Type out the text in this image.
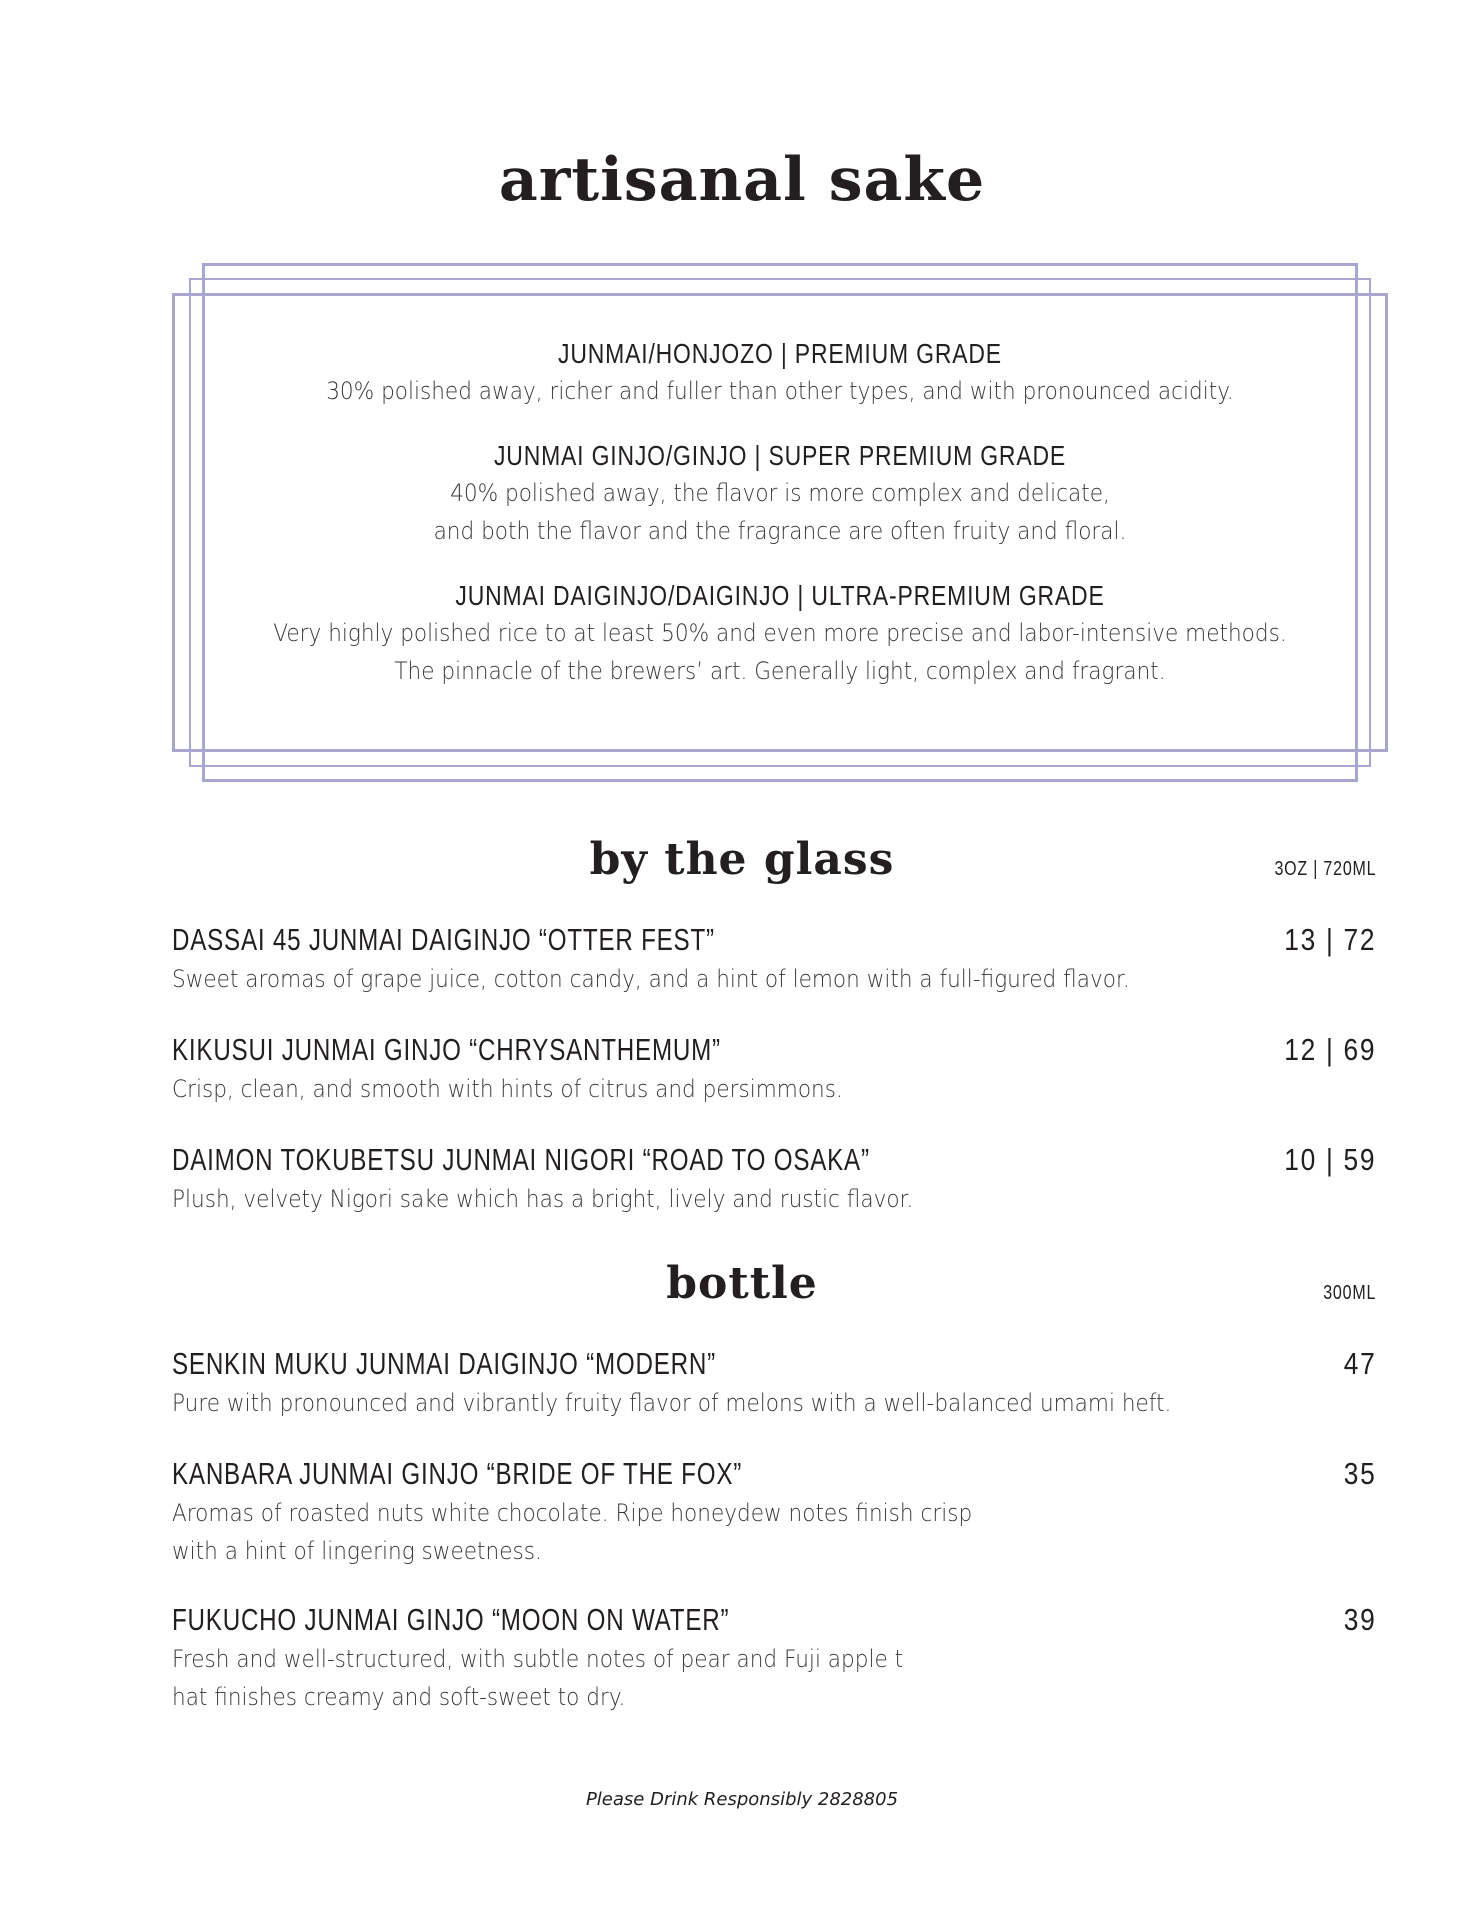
artisanal sake
JUNMAI/HONJOZO | PREMIUM GRADE
30% polished away, richer and fuller than other types, and with pronounced acidity.
JUNMAI GINJO/GINJO | SUPER PREMIUM GRADE
40% polished away, the flavor is more complex and delicate,
and both the flavor and the fragrance are often fruity and floral.
JUNMAI DAIGINJO/DAIGINJO | ULTRA-PREMIUM GRADE
Very highly polished rice to at least 50% and even more precise and labor-intensive methods.
The pinnacle of the brewers’ art. Generally light, complex and fragrant.
by the glass	3OZ | 720ML
DASSAI 45 JUNMAI DAIGINJO “OTTER FEST”	13 | 72
Sweet aromas of grape juice, cotton candy, and a hint of lemon with a full-figured flavor.
KIKUSUI JUNMAI GINJO “CHRYSANTHEMUM”	12 | 69
Crisp, clean, and smooth with hints of citrus and persimmons.
DAIMON TOKUBETSU JUNMAI NIGORI “ROAD TO OSAKA”	10 | 59
Plush, velvety Nigori sake which has a bright, lively and rustic flavor.
bottle	300ML
SENKIN MUKU JUNMAI DAIGINJO “MODERN”	47
Pure with pronounced and vibrantly fruity flavor of melons with a well-balanced umami heft.
KANBARA JUNMAI GINJO “BRIDE OF THE FOX”	35
Aromas of roasted nuts white chocolate. Ripe honeydew notes finish crisp
with a hint of lingering sweetness.
FUKUCHO JUNMAI GINJO “MOON ON WATER”	39
Fresh and well-structured, with subtle notes of pear and Fuji apple t
hat finishes creamy and soft-sweet to dry.
Please Drink Responsibly 2828805
